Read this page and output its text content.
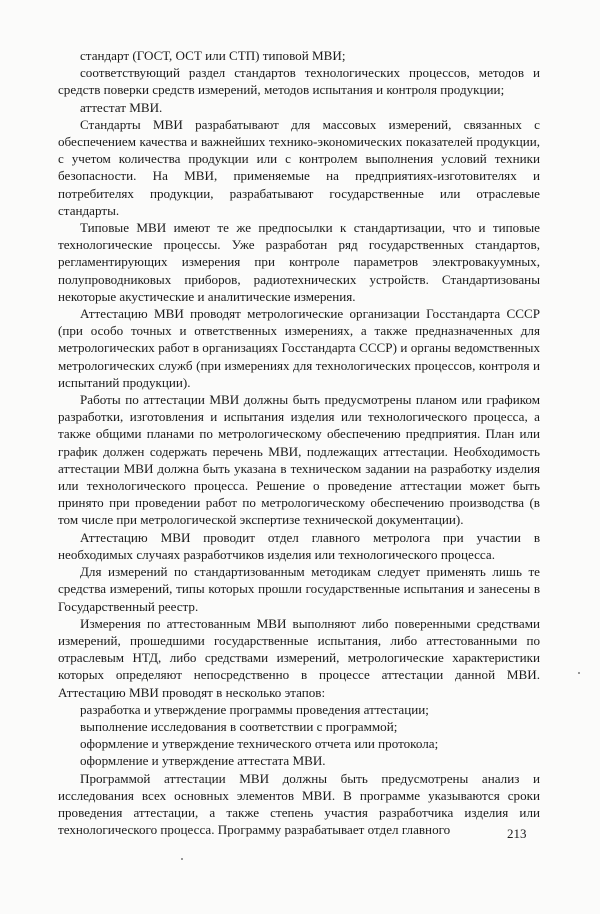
стандарт (ГОСТ, ОСТ или СТП) типовой МВИ;

соответствующий раздел стандартов технологических процессов, методов и средств поверки средств измерений, методов испытания и контроля продукции;

аттестат МВИ.

Стандарты МВИ разрабатывают для массовых измерений, связанных с обеспечением качества и важнейших технико-экономических показателей продукции, с учетом количества продукции или с контролем выполнения условий техники безопасности. На МВИ, применяемые на предприятиях-изготовителях и потребителях продукции, разрабатывают государственные или отраслевые стандарты.

Типовые МВИ имеют те же предпосылки к стандартизации, что и типовые технологические процессы. Уже разработан ряд государственных стандартов, регламентирующих измерения при контроле параметров электровакуумных, полупроводниковых приборов, радиотехнических устройств. Стандартизованы некоторые акустические и аналитические измерения.

Аттестацию МВИ проводят метрологические организации Госстандарта СССР (при особо точных и ответственных измерениях, а также предназначенных для метрологических работ в организациях Госстандарта СССР) и органы ведомственных метрологических служб (при измерениях для технологических процессов, контроля и испытаний продукции).

Работы по аттестации МВИ должны быть предусмотрены планом или графиком разработки, изготовления и испытания изделия или технологического процесса, а также общими планами по метрологическому обеспечению предприятия. План или график должен содержать перечень МВИ, подлежащих аттестации. Необходимость аттестации МВИ должна быть указана в техническом задании на разработку изделия или технологического процесса. Решение о проведение аттестации может быть принято при проведении работ по метрологическому обеспечению производства (в том числе при метрологической экспертизе технической документации).

Аттестацию МВИ проводит отдел главного метролога при участии в необходимых случаях разработчиков изделия или технологического процесса.

Для измерений по стандартизованным методикам следует применять лишь те средства измерений, типы которых прошли государственные испытания и занесены в Государственный реестр.

Измерения по аттестованным МВИ выполняют либо поверенными средствами измерений, прошедшими государственные испытания, либо аттестованными по отраслевым НТД, либо средствами измерений, метрологические характеристики которых определяют непосредственно в процессе аттестации данной МВИ. Аттестацию МВИ проводят в несколько этапов:

разработка и утверждение программы проведения аттестации;

выполнение исследования в соответствии с программой;

оформление и утверждение технического отчета или протокола;

оформление и утверждение аттестата МВИ.

Программой аттестации МВИ должны быть предусмотрены анализ и исследования всех основных элементов МВИ. В программе указываются сроки проведения аттестации, а также степень участия разработчика изделия или технологического процесса. Программу разрабатывает отдел главного	213
